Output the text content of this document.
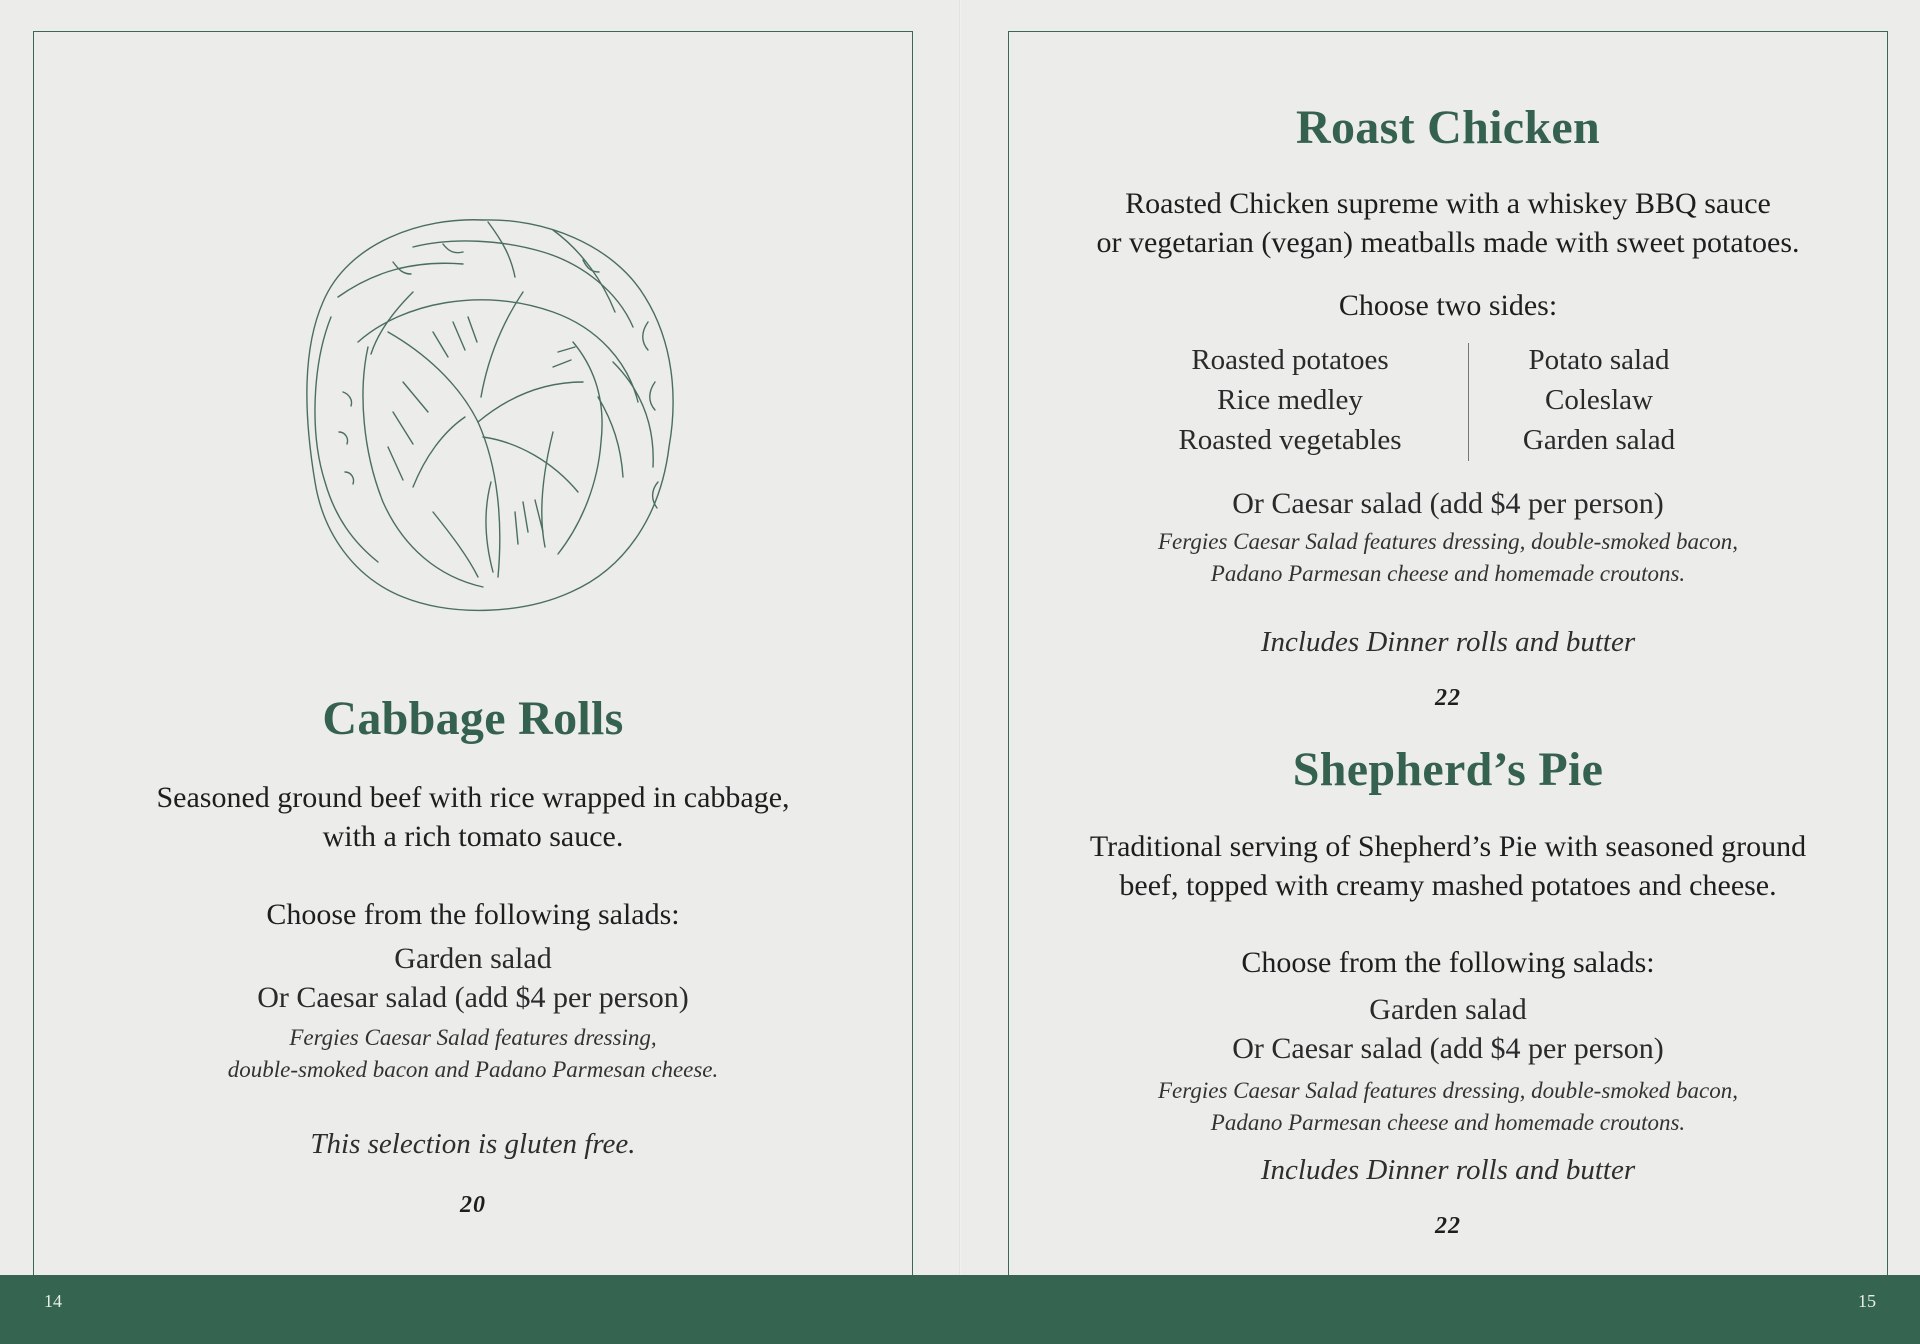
Cabbage Rolls
Seasoned ground beef with rice wrapped in cabbage,
with a rich tomato sauce.
Choose from the following salads:
Garden salad
Or Caesar salad (add $4 per person)
Fergies Caesar Salad features dressing,
double-smoked bacon and Padano Parmesan cheese.
This selection is gluten free.
20
Roast Chicken
Roasted Chicken supreme with a whiskey BBQ sauce
or vegetarian (vegan) meatballs made with sweet potatoes.
Choose two sides:
Roasted potatoes
Rice medley
Roasted vegetables
Potato salad
Coleslaw
Garden salad
Or Caesar salad (add $4 per person)
Fergies Caesar Salad features dressing, double-smoked bacon,
Padano Parmesan cheese and homemade croutons.
Includes Dinner rolls and butter
22
Shepherd’s Pie
Traditional serving of Shepherd’s Pie with seasoned ground
beef, topped with creamy mashed potatoes and cheese.
Choose from the following salads:
Garden salad
Or Caesar salad (add $4 per person)
Fergies Caesar Salad features dressing, double-smoked bacon,
Padano Parmesan cheese and homemade croutons.
Includes Dinner rolls and butter
22
14	15
